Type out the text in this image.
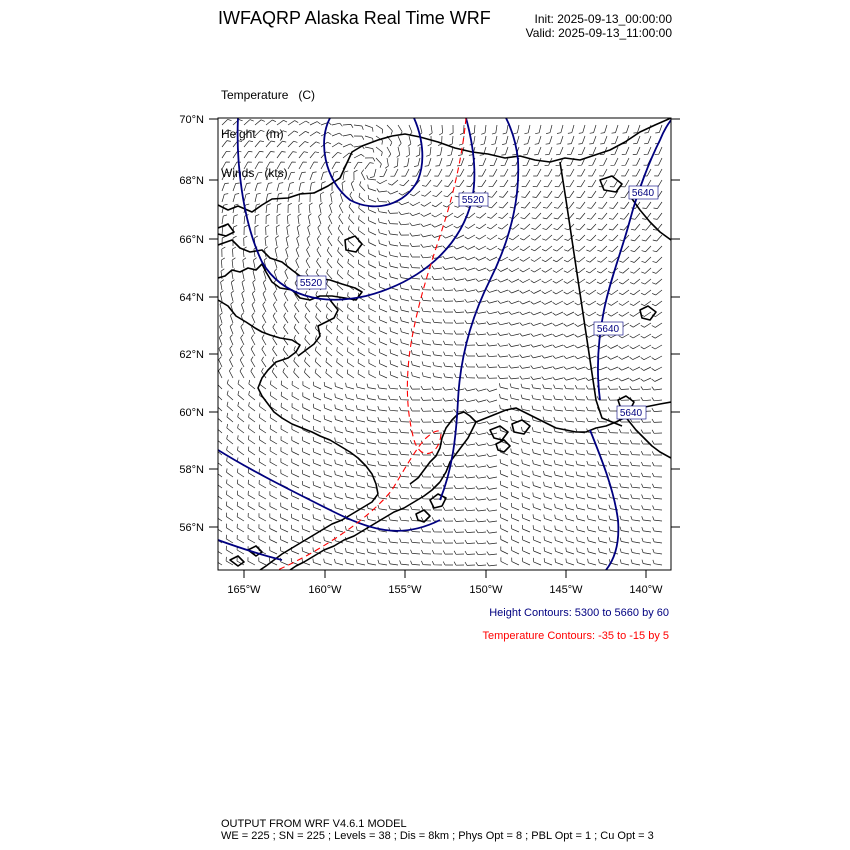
IWFAQRP Alaska Real Time WRF	Init: 2025-09-13_00:00:00
Valid: 2025-09-13_11:00:00

Temperature   (C)

Height   (m)

Winds   (kts)

5520
5520
5640
5640
5640
70°N
68°N
66°N
64°N
62°N
60°N
58°N
56°N
165°W	160°W	155°W	150°W	145°W	140°W
Height Contours: 5300 to 5660 by 60
Temperature Contours: -35 to -15 by 5
OUTPUT FROM WRF V4.6.1 MODEL
WE = 225 ; SN = 225 ; Levels = 38 ; Dis = 8km ; Phys Opt = 8 ; PBL Opt = 1 ; Cu Opt = 3
